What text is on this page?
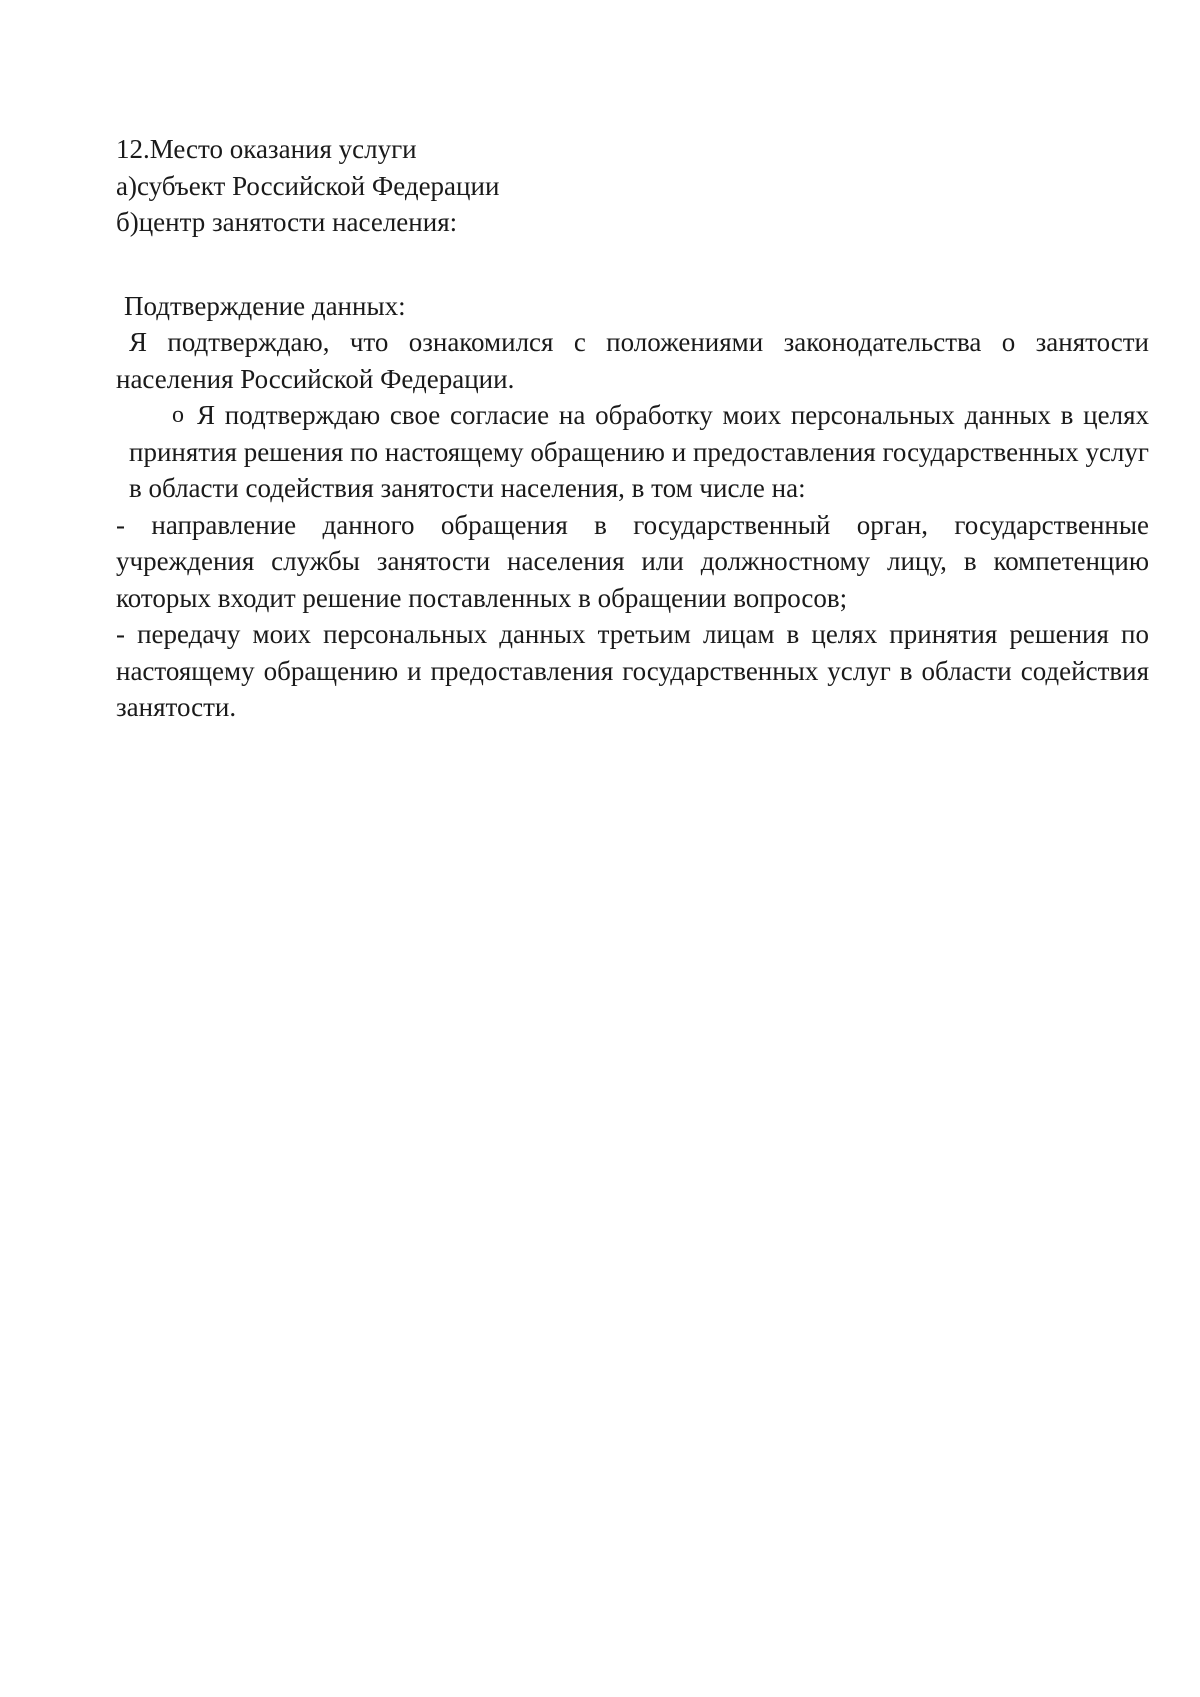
12.Место оказания услуги

а)субъект Российской Федерации

б)центр занятости населения:

Подтверждение данных:

Я подтверждаю, что ознакомился с положениями законодательства о занятости населения Российской Федерации.

o Я подтверждаю свое согласие на обработку моих персональных данных в целях принятия решения по настоящему обращению и предоставления государственных услуг в области содействия занятости населения, в том числе на:

- направление данного обращения в государственный орган, государственные учреждения службы занятости населения или должностному лицу, в компетенцию которых входит решение поставленных в обращении вопросов;

- передачу моих персональных данных третьим лицам в целях принятия решения по настоящему обращению и предоставления государственных услуг в области содействия занятости.
